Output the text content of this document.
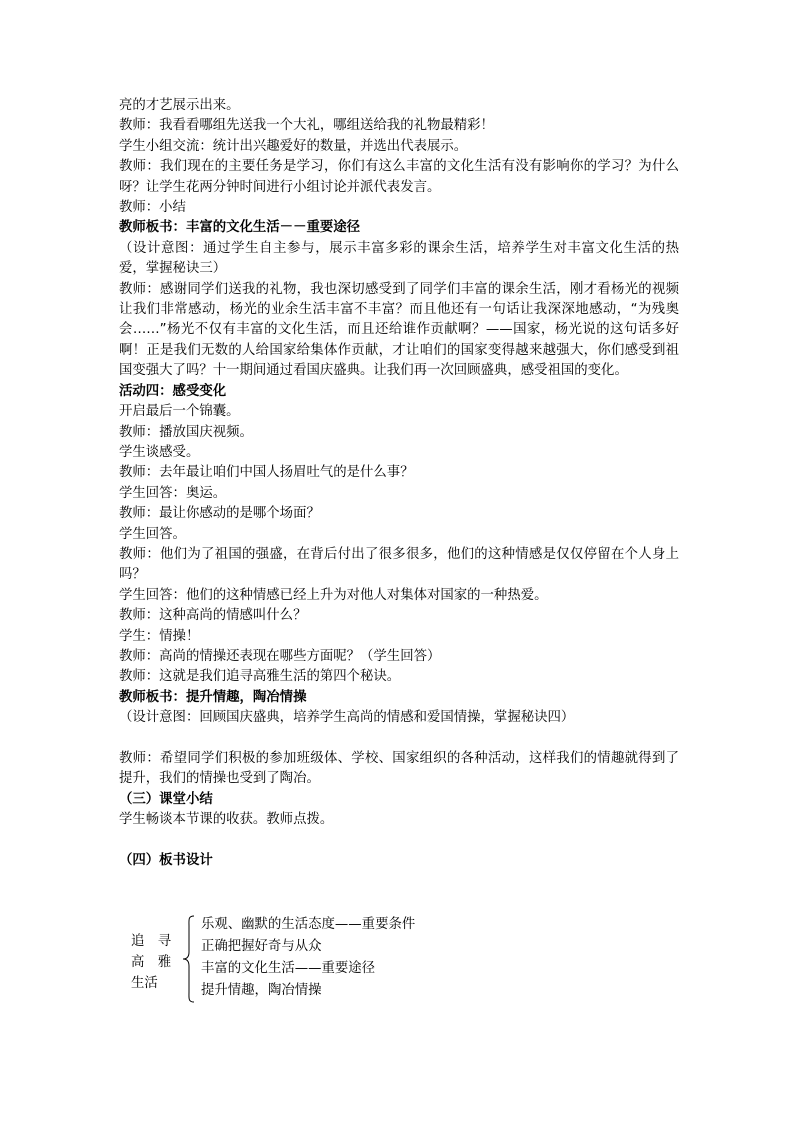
亮的才艺展示出来。
教师：我看看哪组先送我一个大礼，哪组送给我的礼物最精彩！
学生小组交流：统计出兴趣爱好的数量，并选出代表展示。
教师：我们现在的主要任务是学习，你们有这么丰富的文化生活有没有影响你的学习？为什么呀？让学生花两分钟时间进行小组讨论并派代表发言。
教师：小结
教师板书：丰富的文化生活－－重要途径
（设计意图：通过学生自主参与，展示丰富多彩的课余生活，培养学生对丰富文化生活的热爱，掌握秘诀三）
教师：感谢同学们送我的礼物，我也深切感受到了同学们丰富的课余生活，刚才看杨光的视频让我们非常感动，杨光的业余生活丰富不丰富？而且他还有一句话让我深深地感动，“为残奥会……”杨光不仅有丰富的文化生活，而且还给谁作贡献啊？——国家，杨光说的这句话多好啊！正是我们无数的人给国家给集体作贡献，才让咱们的国家变得越来越强大，你们感受到祖国变强大了吗？十一期间通过看国庆盛典。让我们再一次回顾盛典，感受祖国的变化。
活动四：感受变化
开启最后一个锦囊。
教师：播放国庆视频。
学生谈感受。
教师：去年最让咱们中国人扬眉吐气的是什么事？
学生回答：奥运。
教师：最让你感动的是哪个场面？
学生回答。
教师：他们为了祖国的强盛，在背后付出了很多很多，他们的这种情感是仅仅停留在个人身上吗？
学生回答：他们的这种情感已经上升为对他人对集体对国家的一种热爱。
教师：这种高尚的情感叫什么？
学生：情操！
教师：高尚的情操还表现在哪些方面呢？（学生回答）
教师：这就是我们追寻高雅生活的第四个秘诀。
教师板书：提升情趣，陶冶情操
（设计意图：回顾国庆盛典，培养学生高尚的情感和爱国情操，掌握秘诀四）
教师：希望同学们积极的参加班级体、学校、国家组织的各种活动，这样我们的情趣就得到了提升，我们的情操也受到了陶冶。
（三）课堂小结
学生畅谈本节课的收获。教师点拨。
（四）板书设计
追　寻
高　雅
生活
乐观、幽默的生活态度——重要条件
正确把握好奇与从众
丰富的文化生活——重要途径
提升情趣，陶冶情操
